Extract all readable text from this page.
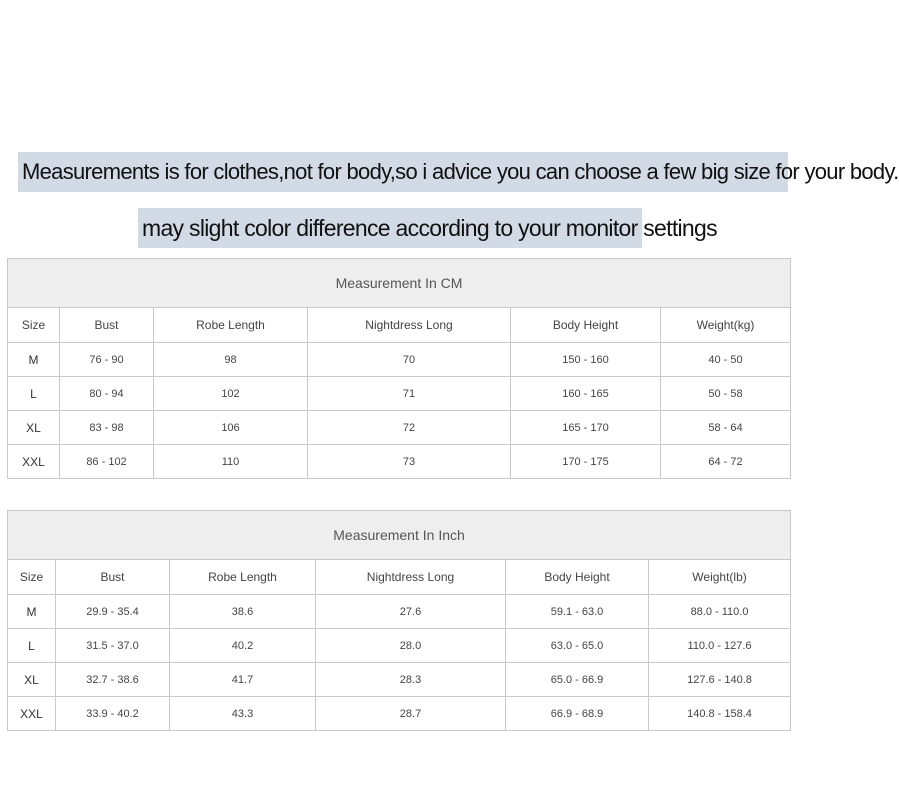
Measurements is for clothes,not for body,so i advice you can choose a few big size for your body.
may slight color difference according to your monitor settings
Measurement In CM					
Size	Bust	Robe Length	Nightdress Long	Body Height	Weight(kg)
M	76 - 90	98	70	150 - 160	40 - 50
L	80 - 94	102	71	160 - 165	50 - 58
XL	83 - 98	106	72	165 - 170	58 - 64
XXL	86 - 102	110	73	170 - 175	64 - 72
Measurement In Inch					
Size	Bust	Robe Length	Nightdress Long	Body Height	Weight(lb)
M	29.9 - 35.4	38.6	27.6	59.1 - 63.0	88.0 - 110.0
L	31.5 - 37.0	40.2	28.0	63.0 - 65.0	110.0 - 127.6
XL	32.7 - 38.6	41.7	28.3	65.0 - 66.9	127.6 - 140.8
XXL	33.9 - 40.2	43.3	28.7	66.9 - 68.9	140.8 - 158.4
